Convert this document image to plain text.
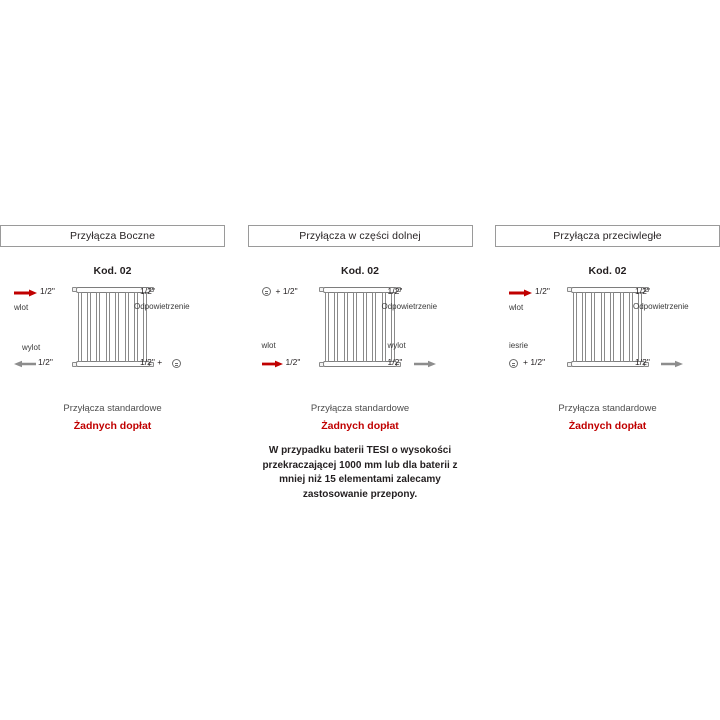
Przyłącza Boczne
Kod. 02
1/2"
wlot
1/2"
Odpowietrzenie
wylot
1/2"	1/2" +
Przyłącza standardowe
Żadnych dopłat
Przyłącza w części dolnej
Kod. 02
+ 1/2"	1/2"
Odpowietrzenie
wlot
1/2"
wylot
1/2"
Przyłącza standardowe
Żadnych dopłat
W przypadku baterii TESI o wysokości przekraczającej 1000 mm lub dla baterii z mniej niż 15 elementami zalecamy zastosowanie przepony.
Przyłącza przeciwległe
Kod. 02
1/2"
wlot
1/2"
Odpowietrzenie
iesrie
+ 1/2"	1/2"
Przyłącza standardowe
Żadnych dopłat
